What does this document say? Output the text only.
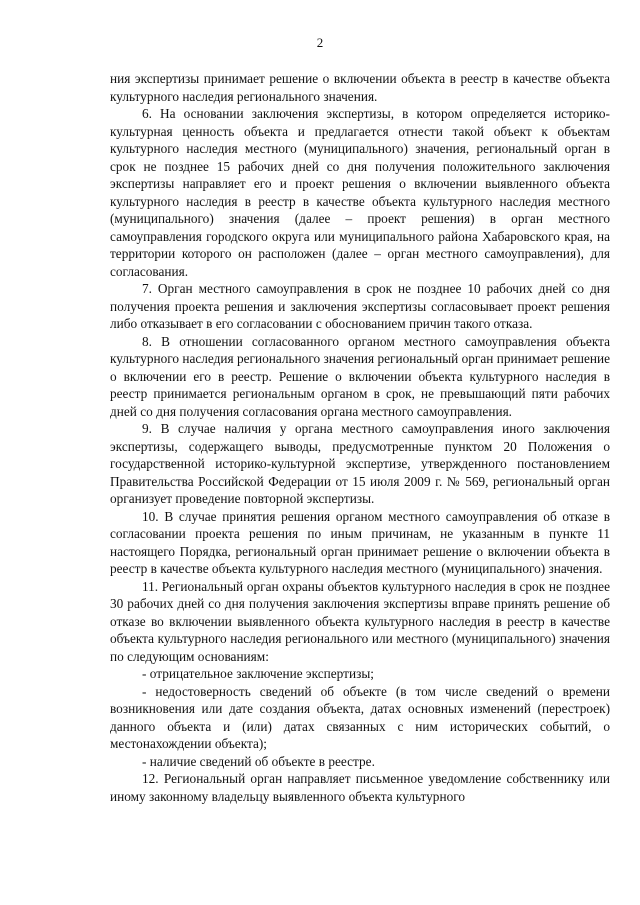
2

ния экспертизы принимает решение о включении объекта в реестр в качестве объекта культурного наследия регионального значения.

6. На основании заключения экспертизы, в котором определяется историко-культурная ценность объекта и предлагается отнести такой объект к объектам культурного наследия местного (муниципального) значения, региональный орган в срок не позднее 15 рабочих дней со дня получения положительного заключения экспертизы направляет его и проект решения о включении выявленного объекта культурного наследия в реестр в качестве объекта культурного наследия местного (муниципального) значения (далее – проект решения) в орган местного самоуправления городского округа или муниципального района Хабаровского края, на территории которого он расположен (далее – орган местного самоуправления), для согласования.

7. Орган местного самоуправления в срок не позднее 10 рабочих дней со дня получения проекта решения и заключения экспертизы согласовывает проект решения либо отказывает в его согласовании с обоснованием причин такого отказа.

8. В отношении согласованного органом местного самоуправления объекта культурного наследия регионального значения региональный орган принимает решение о включении его в реестр. Решение о включении объекта культурного наследия в реестр принимается региональным органом в срок, не превышающий пяти рабочих дней со дня получения согласования органа местного самоуправления.

9. В случае наличия у органа местного самоуправления иного заключения экспертизы, содержащего выводы, предусмотренные пунктом 20 Положения о государственной историко-культурной экспертизе, утвержденного постановлением Правительства Российской Федерации от 15 июля 2009 г. № 569, региональный орган организует проведение повторной экспертизы.

10. В случае принятия решения органом местного самоуправления об отказе в согласовании проекта решения по иным причинам, не указанным в пункте 11 настоящего Порядка, региональный орган принимает решение о включении объекта в реестр в качестве объекта культурного наследия местного (муниципального) значения.

11. Региональный орган охраны объектов культурного наследия в срок не позднее 30 рабочих дней со дня получения заключения экспертизы вправе принять решение об отказе во включении выявленного объекта культурного наследия в реестр в качестве объекта культурного наследия регионального или местного (муниципального) значения по следующим основаниям:

- отрицательное заключение экспертизы;

- недостоверность сведений об объекте (в том числе сведений о времени возникновения или дате создания объекта, датах основных изменений (перестроек) данного объекта и (или) датах связанных с ним исторических событий, о местонахождении объекта);

- наличие сведений об объекте в реестре.

12. Региональный орган направляет письменное уведомление собственнику или иному законному владельцу выявленного объекта культурного
